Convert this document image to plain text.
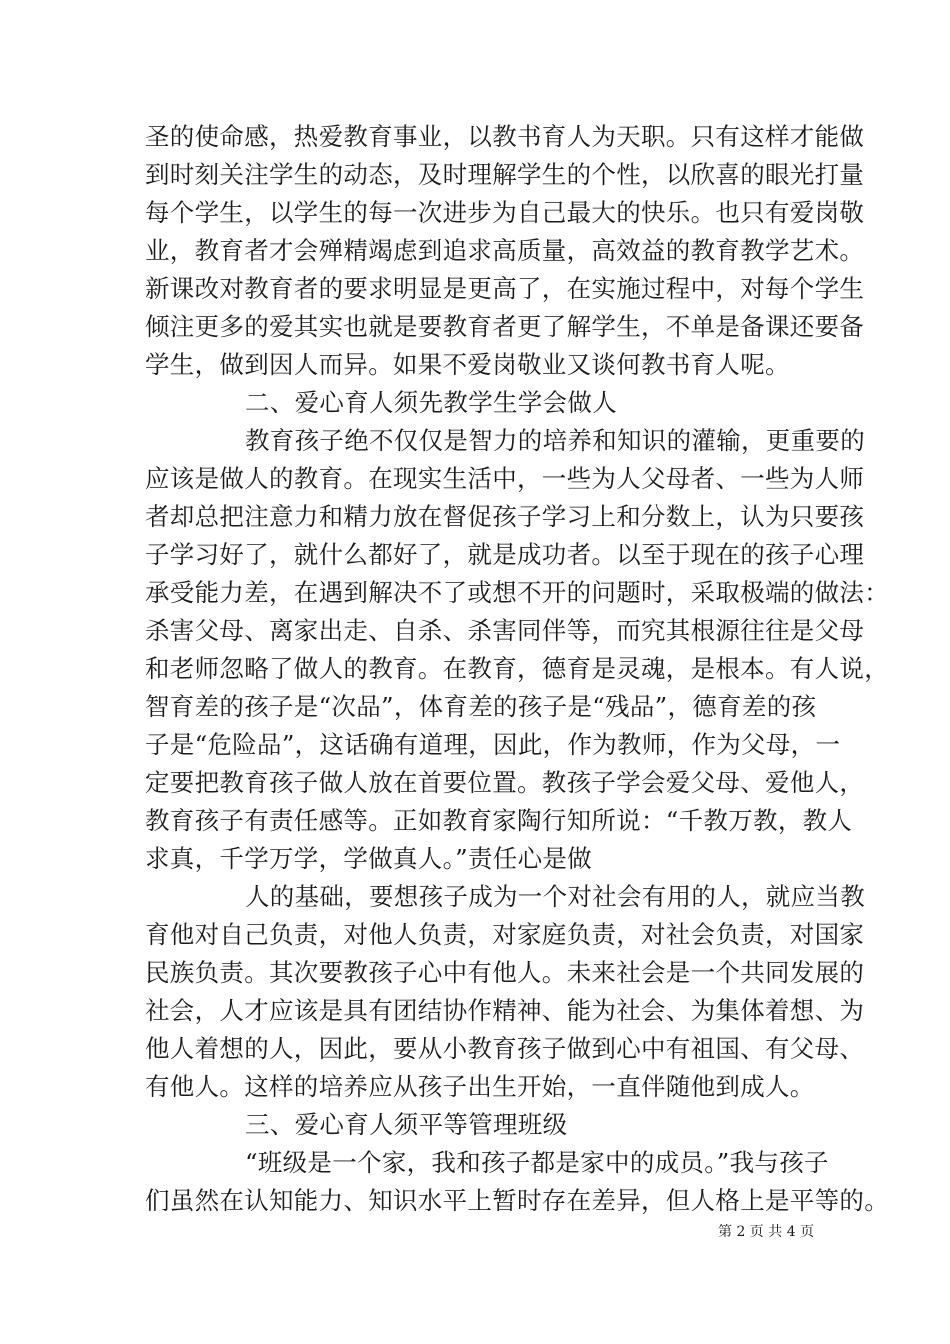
圣的使命感，热爱教育事业，以教书育人为天职。只有这样才能做
到时刻关注学生的动态，及时理解学生的个性，以欣喜的眼光打量
每个学生，以学生的每一次进步为自己最大的快乐。也只有爱岗敬
业，教育者才会殚精竭虑到追求高质量，高效益的教育教学艺术。
新课改对教育者的要求明显是更高了，在实施过程中，对每个学生
倾注更多的爱其实也就是要教育者更了解学生，不单是备课还要备
学生，做到因人而异。如果不爱岗敬业又谈何教书育人呢。
二、爱心育人须先教学生学会做人
教育孩子绝不仅仅是智力的培养和知识的灌输，更重要的
应该是做人的教育。在现实生活中，一些为人父母者、一些为人师
者却总把注意力和精力放在督促孩子学习上和分数上，认为只要孩
子学习好了，就什么都好了，就是成功者。以至于现在的孩子心理
承受能力差，在遇到解决不了或想不开的问题时，采取极端的做法：
杀害父母、离家出走、自杀、杀害同伴等，而究其根源往往是父母
和老师忽略了做人的教育。在教育，德育是灵魂，是根本。有人说，
智育差的孩子是“次品”，体育差的孩子是“残品”，德育差的孩
子是“危险品”，这话确有道理，因此，作为教师，作为父母，一
定要把教育孩子做人放在首要位置。教孩子学会爱父母、爱他人，
教育孩子有责任感等。正如教育家陶行知所说：“千教万教，教人
求真，千学万学，学做真人。”责任心是做
人的基础，要想孩子成为一个对社会有用的人，就应当教
育他对自己负责，对他人负责，对家庭负责，对社会负责，对国家
民族负责。其次要教孩子心中有他人。未来社会是一个共同发展的
社会，人才应该是具有团结协作精神、能为社会、为集体着想、为
他人着想的人，因此，要从小教育孩子做到心中有祖国、有父母、
有他人。这样的培养应从孩子出生开始，一直伴随他到成人。
三、爱心育人须平等管理班级
“班级是一个家，我和孩子都是家中的成员。”我与孩子
们虽然在认知能力、知识水平上暂时存在差异，但人格上是平等的。
第 2 页 共 4 页
